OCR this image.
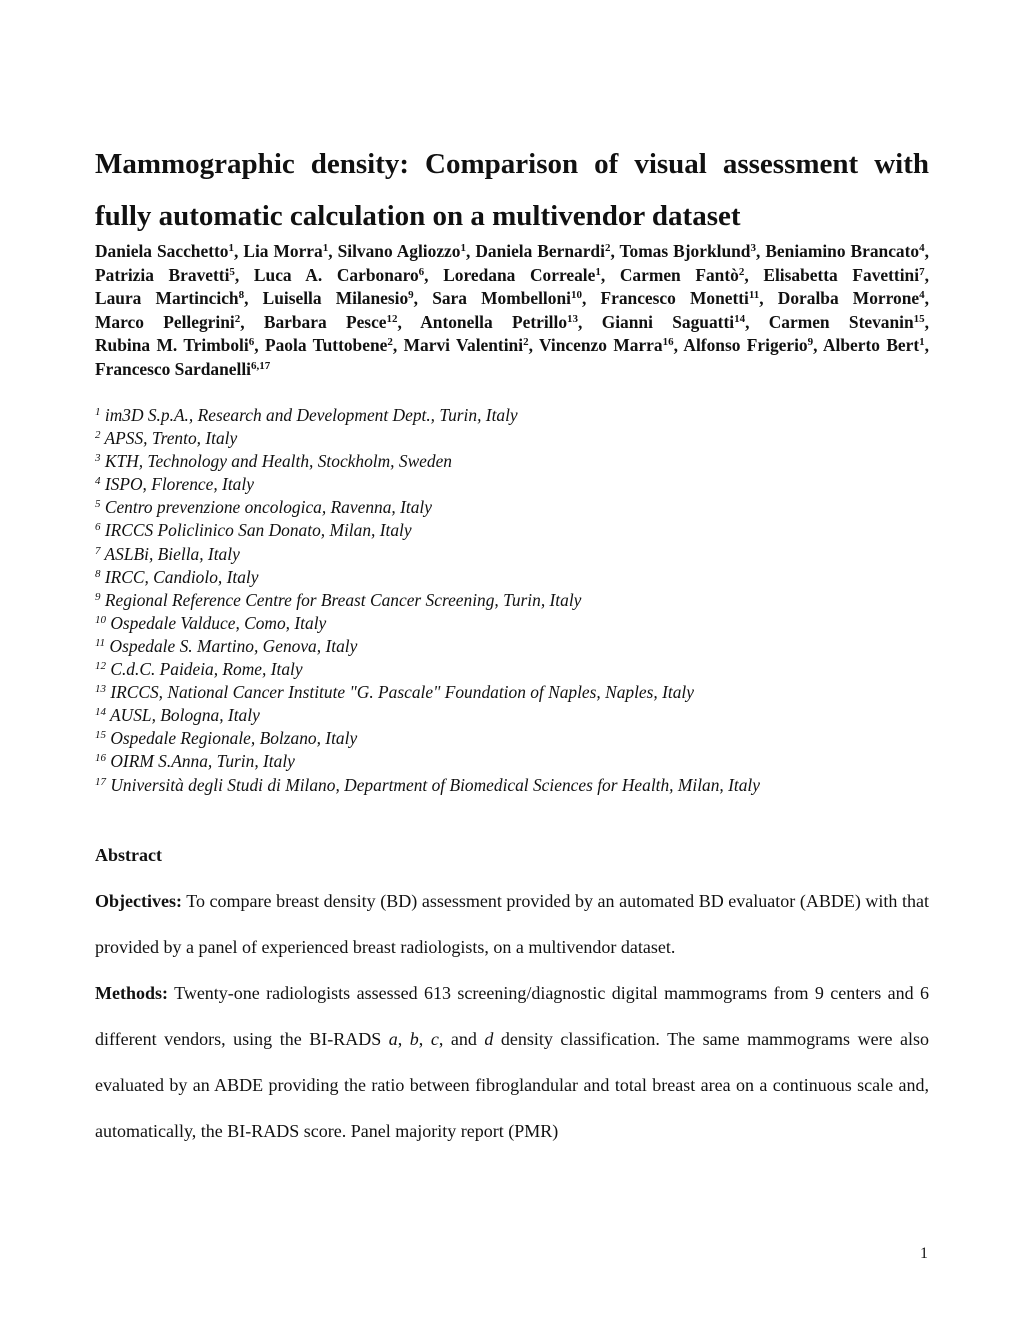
Mammographic density: Comparison of visual assessment with fully automatic calculation on a multivendor dataset
Daniela Sacchetto$^1$, Lia Morra$^1$, Silvano Agliozzo$^1$, Daniela Bernardi$^2$, Tomas Bjorklund$^3$, Beniamino Brancato$^4$, Patrizia Bravetti$^5$, Luca A. Carbonaro$^6$, Loredana Correale$^1$, Carmen Fantò$^2$, Elisabetta Favettini$^7$, Laura Martincich$^8$, Luisella Milanesio$^9$, Sara Mombelloni$^{10}$, Francesco Monetti$^{11}$, Doralba Morrone$^4$, Marco Pellegrini$^2$, Barbara Pesce$^{12}$, Antonella Petrillo$^{13}$, Gianni Saguatti$^{14}$, Carmen Stevanin$^{15}$, Rubina M. Trimboli$^6$, Paola Tuttobene$^2$, Marvi Valentini$^2$, Vincenzo Marra$^{16}$, Alfonso Frigerio$^9$, Alberto Bert$^1$, Francesco Sardanelli$^{6,17}$
$^1$ im3D S.p.A., Research and Development Dept., Turin, Italy
$^2$ APSS, Trento, Italy
$^3$ KTH, Technology and Health, Stockholm, Sweden
$^4$ ISPO, Florence, Italy
$^5$ Centro prevenzione oncologica, Ravenna, Italy
$^6$ IRCCS Policlinico San Donato, Milan, Italy
$^7$ ASLBi, Biella, Italy
$^8$ IRCC, Candiolo, Italy
$^9$ Regional Reference Centre for Breast Cancer Screening, Turin, Italy
$^{10}$ Ospedale Valduce, Como, Italy
$^{11}$ Ospedale S. Martino, Genova, Italy
$^{12}$ C.d.C. Paideia, Rome, Italy
$^{13}$ IRCCS, National Cancer Institute "G. Pascale" Foundation of Naples, Naples, Italy
$^{14}$ AUSL, Bologna, Italy
$^{15}$ Ospedale Regionale, Bolzano, Italy
$^{16}$ OIRM S.Anna, Turin, Italy
$^{17}$ Università degli Studi di Milano, Department of Biomedical Sciences for Health, Milan, Italy
Abstract

Objectives: To compare breast density (BD) assessment provided by an automated BD evaluator (ABDE) with that provided by a panel of experienced breast radiologists, on a multivendor dataset.

Methods: Twenty-one radiologists assessed 613 screening/diagnostic digital mammograms from 9 centers and 6 different vendors, using the BI-RADS a, b, c, and d density classification. The same mammograms were also evaluated by an ABDE providing the ratio between fibroglandular and total breast area on a continuous scale and, automatically, the BI-RADS score. Panel majority report (PMR)

1
